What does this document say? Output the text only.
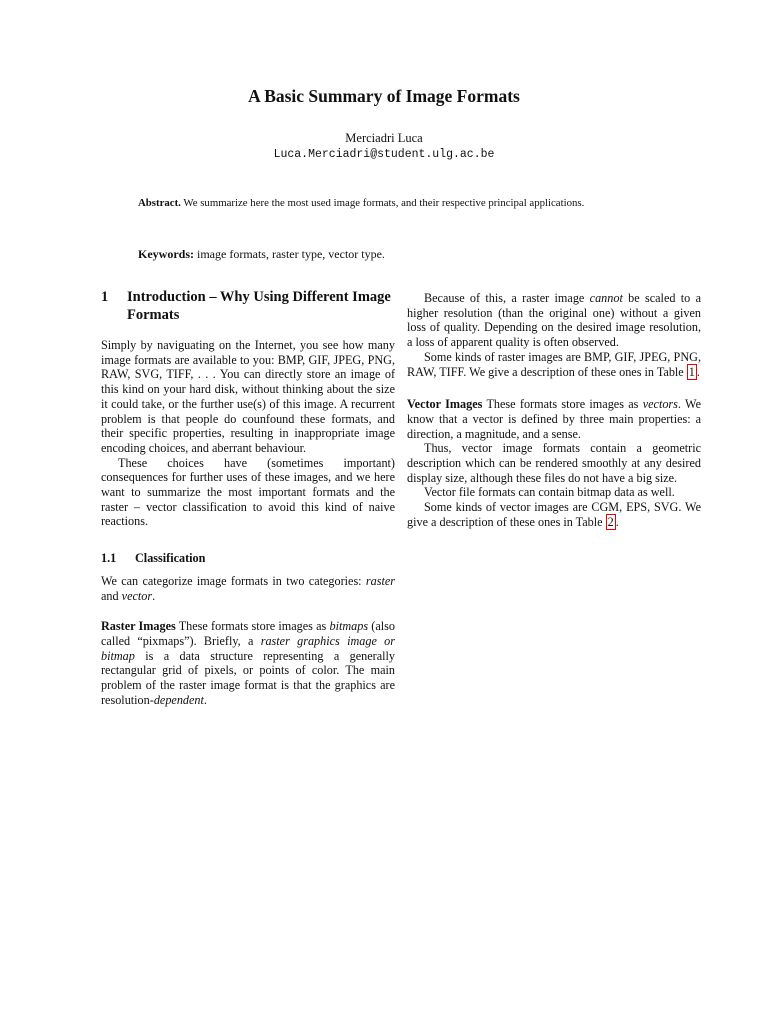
A Basic Summary of Image Formats
Merciadri Luca
Luca.Merciadri@student.ulg.ac.be
Abstract. We summarize here the most used image formats, and their respective principal applications.
Keywords: image formats, raster type, vector type.
1	Introduction – Why Using Different Image Formats

Simply by naviguating on the Internet, you see how many image formats are available to you: BMP, GIF, JPEG, PNG, RAW, SVG, TIFF, . . . You can directly store an image of this kind on your hard disk, without thinking about the size it could take, or the further use(s) of this image. A recurrent problem is that people do counfound these formats, and their specific properties, resulting in inappropriate image encoding choices, and aberrant behaviour.

These choices have (sometimes important) consequences for further uses of these images, and we here want to summarize the most important formats and the raster – vector classification to avoid this kind of naive reactions.

1.1	Classification

We can categorize image formats in two categories: raster and vector.

Raster Images These formats store images as bitmaps (also called “pixmaps”). Briefly, a raster graphics image or bitmap is a data structure representing a generally rectangular grid of pixels, or points of color. The main problem of the raster image format is that the graphics are resolution-dependent.

Because of this, a raster image cannot be scaled to a higher resolution (than the original one) without a given loss of quality. Depending on the desired image resolution, a loss of apparent quality is often observed.

Some kinds of raster images are BMP, GIF, JPEG, PNG, RAW, TIFF. We give a description of these ones in Table 1 .

Vector Images These formats store images as vectors. We know that a vector is defined by three main properties: a direction, a magnitude, and a sense.

Thus, vector image formats contain a geometric description which can be rendered smoothly at any desired display size, although these files do not have a big size.

Vector file formats can contain bitmap data as well.

Some kinds of vector images are CGM, EPS, SVG. We give a description of these ones in Table 2 .
